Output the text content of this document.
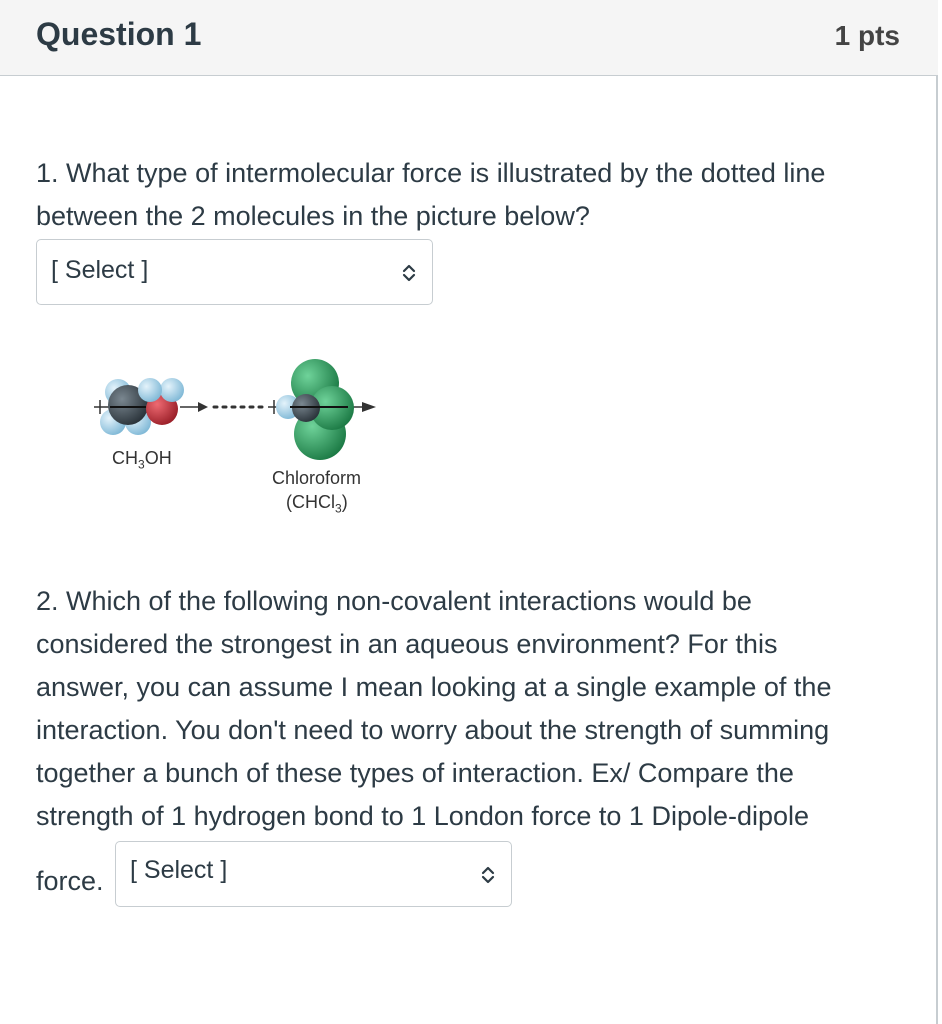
Question 1	1 pts
1. What type of intermolecular force is illustrated by the dotted line
between the 2 molecules in the picture below?
[ Select ]
$CH_3OH$
Chloroform
(CHCl$_3$)
2. Which of the following non-covalent interactions would be
considered the strongest in an aqueous environment? For this
answer, you can assume I mean looking at a single example of the
interaction. You don't need to worry about the strength of summing
together a bunch of these types of interaction. Ex/ Compare the
strength of 1 hydrogen bond to 1 London force to 1 Dipole-dipole
force.	[ Select ]
